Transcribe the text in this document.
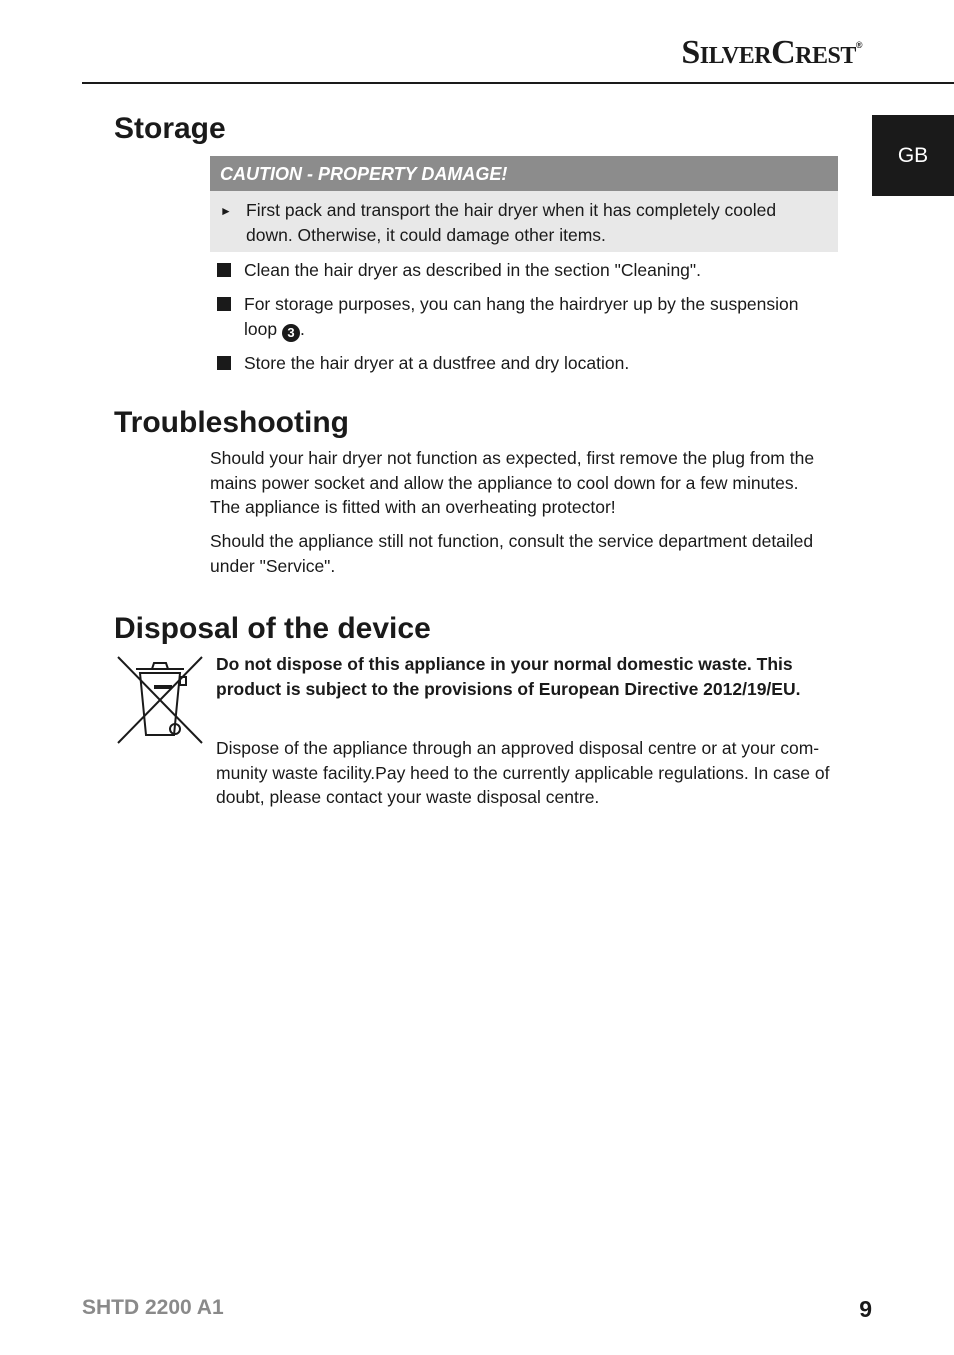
SilverCrest®
GB
Storage
CAUTION - PROPERTY DAMAGE!
► First pack and transport the hair dryer when it has completely cooled down. Otherwise, it could damage other items.
Clean the hair dryer as described in the section "Cleaning".
For storage purposes, you can hang the hairdryer up by the suspension loop 3 .
Store the hair dryer at a dustfree and dry location.
Troubleshooting

Should your hair dryer not function as expected, first remove the plug from the mains power socket and allow the appliance to cool down for a few minutes. The appliance is fitted with an overheating protector!

Should the appliance still not function, consult the service department detailed under "Service".

Disposal of the device

Do not dispose of this appliance in your normal domestic waste. This product is subject to the provisions of European Directive 2012/19/EU.

Dispose of the appliance through an approved disposal centre or at your com-munity waste facility.Pay heed to the currently applicable regulations. In case of doubt, please contact your waste disposal centre.

SHTD 2200 A1	9
